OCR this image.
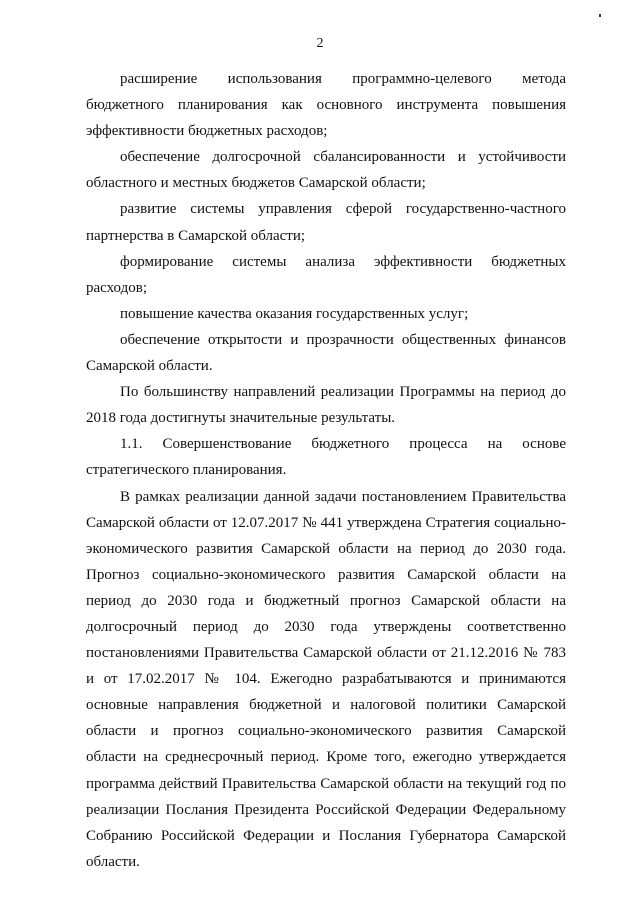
2

расширение использования программно-целевого метода бюджетного планирования как основного инструмента повышения эффективности бюджетных расходов;

обеспечение долгосрочной сбалансированности и устойчивости областного и местных бюджетов Самарской области;

развитие системы управления сферой государственно-частного партнерства в Самарской области;

формирование системы анализа эффективности бюджетных расходов;

повышение качества оказания государственных услуг;

обеспечение открытости и прозрачности общественных финансов Самарской области.

По большинству направлений реализации Программы на период до 2018 года достигнуты значительные результаты.

1.1. Совершенствование бюджетного процесса на основе стратегического планирования.

В рамках реализации данной задачи постановлением Правительства Самарской области от 12.07.2017 № 441 утверждена Стратегия социально-экономического развития Самарской области на период до 2030 года. Прогноз социально-экономического развития Самарской области на период до 2030 года и бюджетный прогноз Самарской области на долгосрочный период до 2030 года утверждены соответственно постановлениями Правительства Самарской области от 21.12.2016 № 783 и от 17.02.2017 № 104. Ежегодно разрабатываются и принимаются основные направления бюджетной и налоговой политики Самарской области и прогноз социально-экономического развития Самарской области на среднесрочный период. Кроме того, ежегодно утверждается программа действий Правительства Самарской области на текущий год по реализации Послания Президента Российской Федерации Федеральному Собранию Российской Федерации и Послания Губернатора Самарской области.
